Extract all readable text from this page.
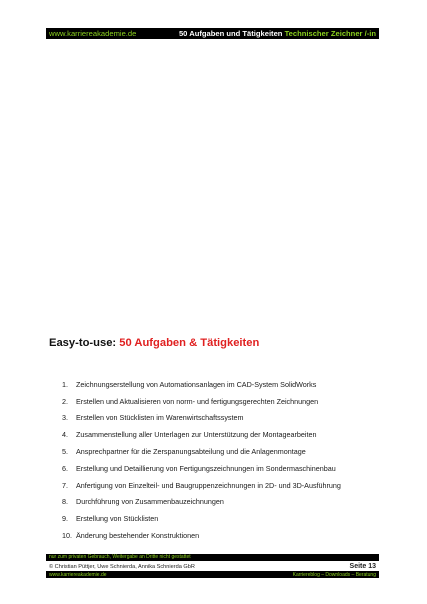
www.karriereakademie.de	50 Aufgaben und Tätigkeiten Technischer Zeichner /-in
Easy-to-use: 50 Aufgaben & Tätigkeiten
1.	Zeichnungserstellung von Automationsanlagen im CAD-System SolidWorks
2.	Erstellen und Aktualisieren von norm- und fertigungsgerechten Zeichnungen
3.	Erstellen von Stücklisten im Warenwirtschaftssystem
4.	Zusammenstellung aller Unterlagen zur Unterstützung der Montagearbeiten
5.	Ansprechpartner für die Zerspanungsabteilung und die Anlagenmontage
6.	Erstellung und Detaillierung von Fertigungszeichnungen im Sondermaschinenbau
7.	Anfertigung von Einzelteil- und Baugruppenzeichnungen in 2D- und 3D-Ausführung
8.	Durchführung von Zusammenbauzeichnungen
9.	Erstellung von Stücklisten
10. Änderung bestehender Konstruktionen
nur zum privaten Gebrauch, Weitergabe an Dritte nicht gestattet
© Christian Püttjer, Uwe Schnierda, Annika Schnierda GbR	Seite 13
www.karriereakademie.de	Karriereblog – Downloads – Beratung
